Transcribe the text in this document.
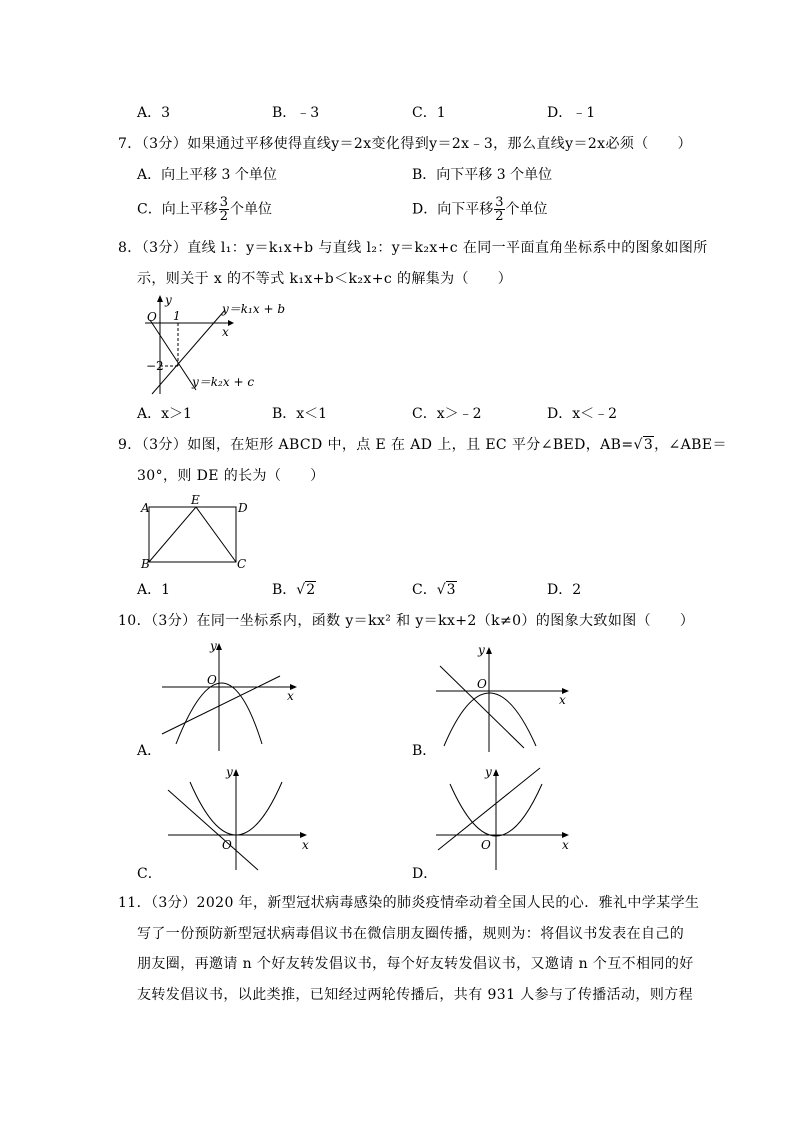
A．3	B．﹣3	C．1	D．﹣1
7．（3分）如果通过平移使得直线y＝2x变化得到y＝2x﹣3，那么直线y＝2x必须（　　）
A．向上平移 3 个单位	B．向下平移 3 个单位
C．向上平移 $\frac{3}{2}$ 个单位	D．向下平移 $\frac{3}{2}$ 个单位
8．（3分）直线 l₁：y＝k₁x+b 与直线 l₂：y＝k₂x+c 在同一平面直角坐标系中的图象如图所
示，则关于 x 的不等式 k₁x+b＜k₂x+c 的解集为（　　）
y
x
O 1
−2
y＝k₁x + b
y＝k₂x + c
A．x＞1	B．x＜1	C．x＞﹣2	D．x＜﹣2
9．（3分）如图，在矩形 ABCD 中，点 E 在 AD 上，且 EC 平分∠BED，AB=√3，∠ABE＝
30°，则 DE 的长为（　　）
A
E
D
B	C
A．1	B．√2	C．√3	D．2
10．（3分）在同一坐标系内，函数 y＝kx² 和 y＝kx+2（k≠0）的图象大致如图（　　）
y
x
O
A．
y
x
O
B．
y
x
O
C．
y
x
O
D．
11．（3分）2020 年，新型冠状病毒感染的肺炎疫情牵动着全国人民的心．雅礼中学某学生
写了一份预防新型冠状病毒倡议书在微信朋友圈传播，规则为：将倡议书发表在自己的
朋友圈，再邀请 n 个好友转发倡议书，每个好友转发倡议书，又邀请 n 个互不相同的好
友转发倡议书，以此类推，已知经过两轮传播后，共有 931 人参与了传播活动，则方程
